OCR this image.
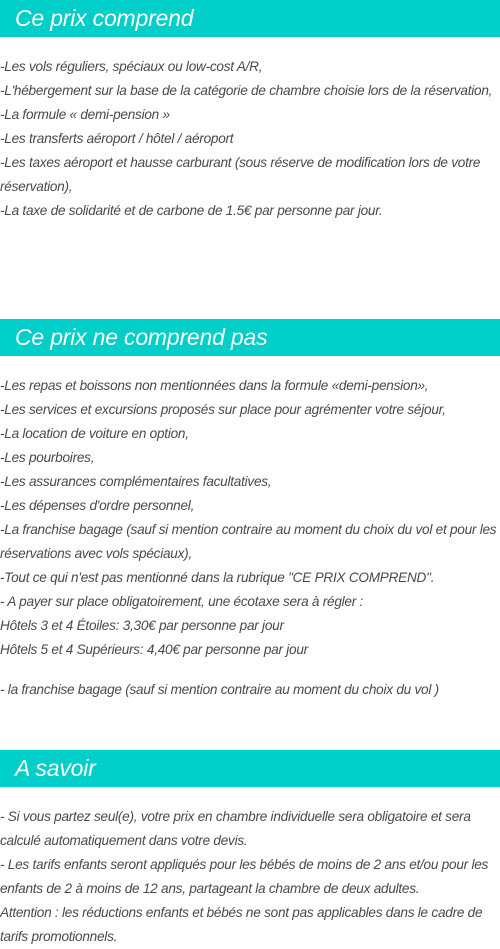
Ce prix comprend
-Les vols réguliers, spéciaux ou low-cost A/R,
-L'hébergement sur la base de la catégorie de chambre choisie lors de la réservation,
-La formule « demi-pension »
-Les transferts aéroport / hôtel / aéroport
-Les taxes aéroport et hausse carburant (sous réserve de modification lors de votre réservation),
-La taxe de solidarité et de carbone de 1.5€ par personne par jour.
Ce prix ne comprend pas
-Les repas et boissons non mentionnées dans la formule «demi-pension»,
-Les services et excursions proposés sur place pour agrémenter votre séjour,
-La location de voiture en option,
-Les pourboires,
-Les assurances complémentaires facultatives,
-Les dépenses d'ordre personnel,
-La franchise bagage (sauf si mention contraire au moment du choix du vol et pour les réservations avec vols spéciaux),
-Tout ce qui n'est pas mentionné dans la rubrique "CE PRIX COMPREND".
- A payer sur place obligatoirement, une écotaxe sera à régler :
Hôtels 3 et 4 Étoiles: 3,30€ par personne par jour
Hôtels 5 et 4 Supérieurs: 4,40€ par personne par jour
- la franchise bagage (sauf si mention contraire au moment du choix du vol )
A savoir
- Si vous partez seul(e), votre prix en chambre individuelle sera obligatoire et sera calculé automatiquement dans votre devis.
- Les tarifs enfants seront appliqués pour les bébés de moins de 2 ans et/ou pour les enfants de 2 à moins de 12 ans, partageant la chambre de deux adultes.
Attention : les réductions enfants et bébés ne sont pas applicables dans le cadre de tarifs promotionnels.
